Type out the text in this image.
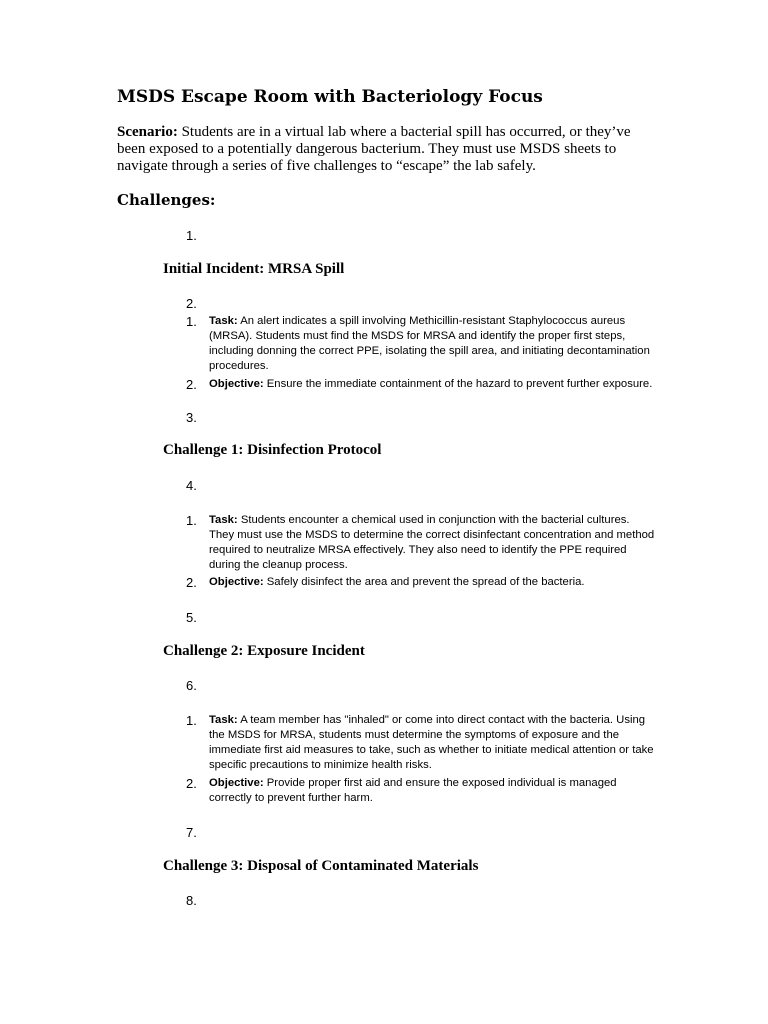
MSDS Escape Room with Bacteriology Focus

Scenario: Students are in a virtual lab where a bacterial spill has occurred, or they’ve been exposed to a potentially dangerous bacterium. They must use MSDS sheets to navigate through a series of five challenges to “escape” the lab safely.

Challenges:
1.
2.
3.
4.
5.
6.
7.
8.
Initial Incident: MRSA Spill
1. Task: An alert indicates a spill involving Methicillin-resistant Staphylococcus aureus (MRSA). Students must find the MSDS for MRSA and identify the proper first steps, including donning the correct PPE, isolating the spill area, and initiating decontamination procedures.
2. Objective: Ensure the immediate containment of the hazard to prevent further exposure.
Challenge 1: Disinfection Protocol
1. Task: Students encounter a chemical used in conjunction with the bacterial cultures. They must use the MSDS to determine the correct disinfectant concentration and method required to neutralize MRSA effectively. They also need to identify the PPE required during the cleanup process.
2. Objective: Safely disinfect the area and prevent the spread of the bacteria.
Challenge 2: Exposure Incident
1. Task: A team member has "inhaled" or come into direct contact with the bacteria. Using the MSDS for MRSA, students must determine the symptoms of exposure and the immediate first aid measures to take, such as whether to initiate medical attention or take specific precautions to minimize health risks.
2. Objective: Provide proper first aid and ensure the exposed individual is managed correctly to prevent further harm.
Challenge 3: Disposal of Contaminated Materials
